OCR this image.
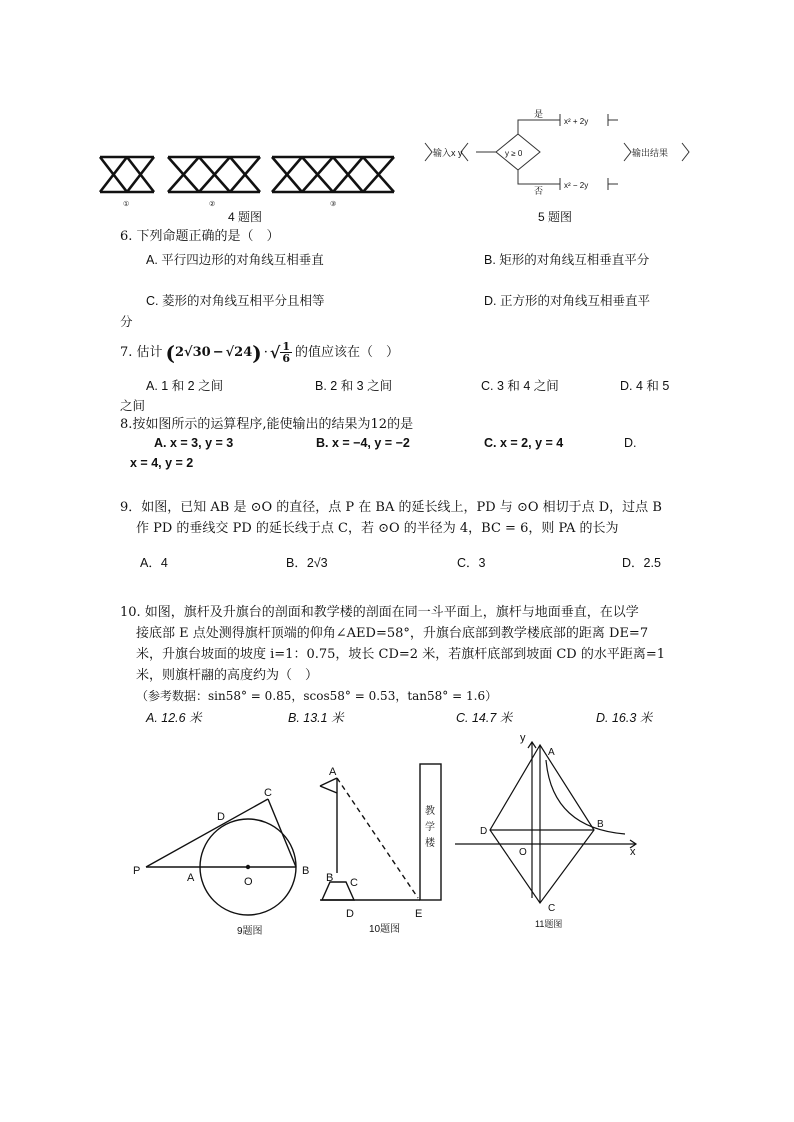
①	②	③
4 题图
输入x y	y ≥ 0
是
否
x² + 2y
x² − 2y
输出结果
5 题图
6. 下列命题正确的是（　）
A. 平行四边形的对角线互相垂直	B. 矩形的对角线互相垂直平分
C. 菱形的对角线互相平分且相等	D. 正方形的对角线互相垂直平
分
7. 估计 ( 2√30 − √24 ) · √ $\frac{1}{6}$ 的值应该在（　）
A. 1 和 2 之间	B. 2 和 3 之间	C. 3 和 4 之间	D. 4 和 5
之间
8.按如图所示的运算程序,能使输出的结果为12的是
A. x = 3, y = 3	B. x = −4, y = −2	C. x = 2, y = 4	D.
x = 4, y = 2
9．如图，已知 AB 是 ⊙O 的直径，点 P 在 BA 的延长线上，PD 与 ⊙O 相切于点 D，过点 B
作 PD 的垂线交 PD 的延长线于点 C，若 ⊙O 的半径为 4，BC = 6，则 PA 的长为
A．4	B．2√3	C．3	D．2.5
10. 如图，旗杆及升旗台的剖面和教学楼的剖面在同一斗平面上，旗杆与地面垂直，在以学
接底部 E 点处测得旗杆顶端的仰角∠AED=58°，升旗台底部到教学楼底部的距离 DE=7
米，升旗台坡面的坡度 i=1：0.75，坡长 CD=2 米，若旗杆底部到坡面 CD 的水平距离=1
米，则旗杆翮的高度约为（　）
（参考数据：sin58° = 0.85，scos58° = 0.53，tan58° = 1.6）
A. 12.6 米	B. 13.1 米	C. 14.7 米	D. 16.3 米
P
A	O
B
C
D
9题图
A
B C
D	E
教
学
楼
10题图
y
x
A
B
C
D
O
11题图
